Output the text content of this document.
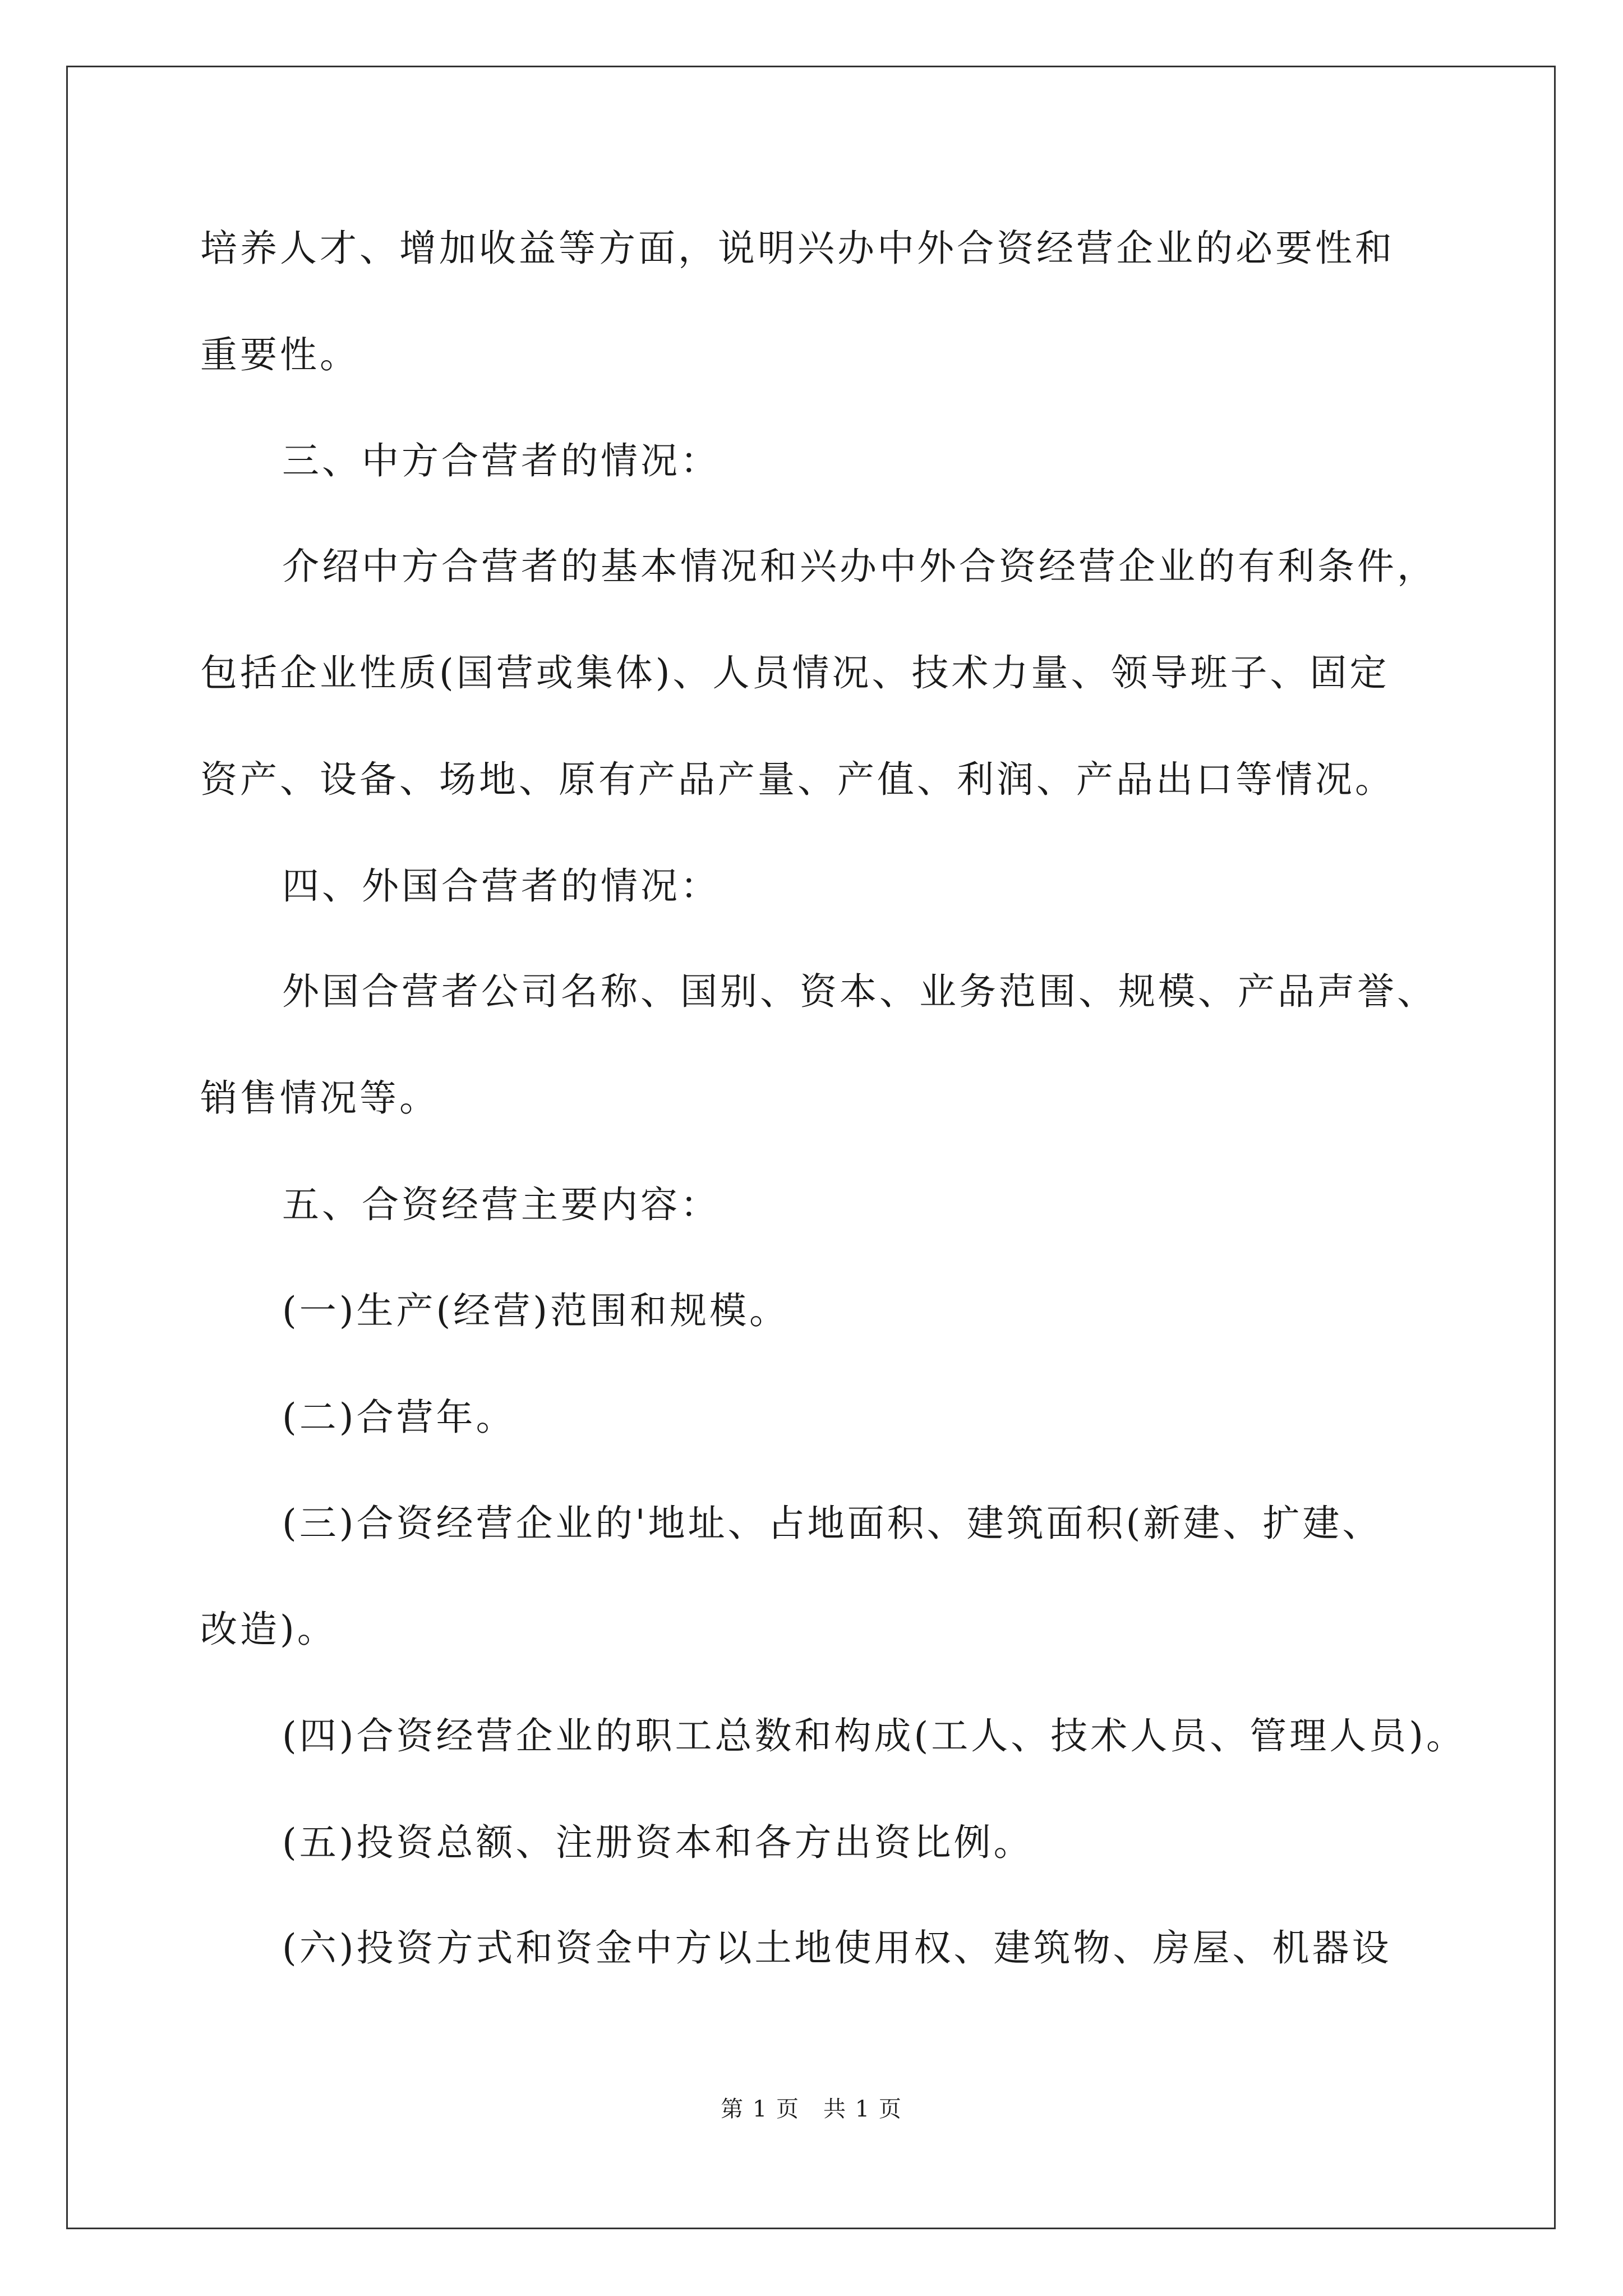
培养人才、增加收益等方面，说明兴办中外合资经营企业的必要性和

重要性。

三、中方合营者的情况：

介绍中方合营者的基本情况和兴办中外合资经营企业的有利条件，

包括企业性质(国营或集体)、人员情况、技术力量、领导班子、固定

资产、设备、场地、原有产品产量、产值、利润、产品出口等情况。

四、外国合营者的情况：

外国合营者公司名称、国别、资本、业务范围、规模、产品声誉、

销售情况等。

五、合资经营主要内容：

(一)生产(经营)范围和规模。

(二)合营年。

(三)合资经营企业的'地址、占地面积、建筑面积(新建、扩建、

改造)。

(四)合资经营企业的职工总数和构成(工人、技术人员、管理人员)。

(五)投资总额、注册资本和各方出资比例。

(六)投资方式和资金中方以土地使用权、建筑物、房屋、机器设

第 1 页　共 1 页
